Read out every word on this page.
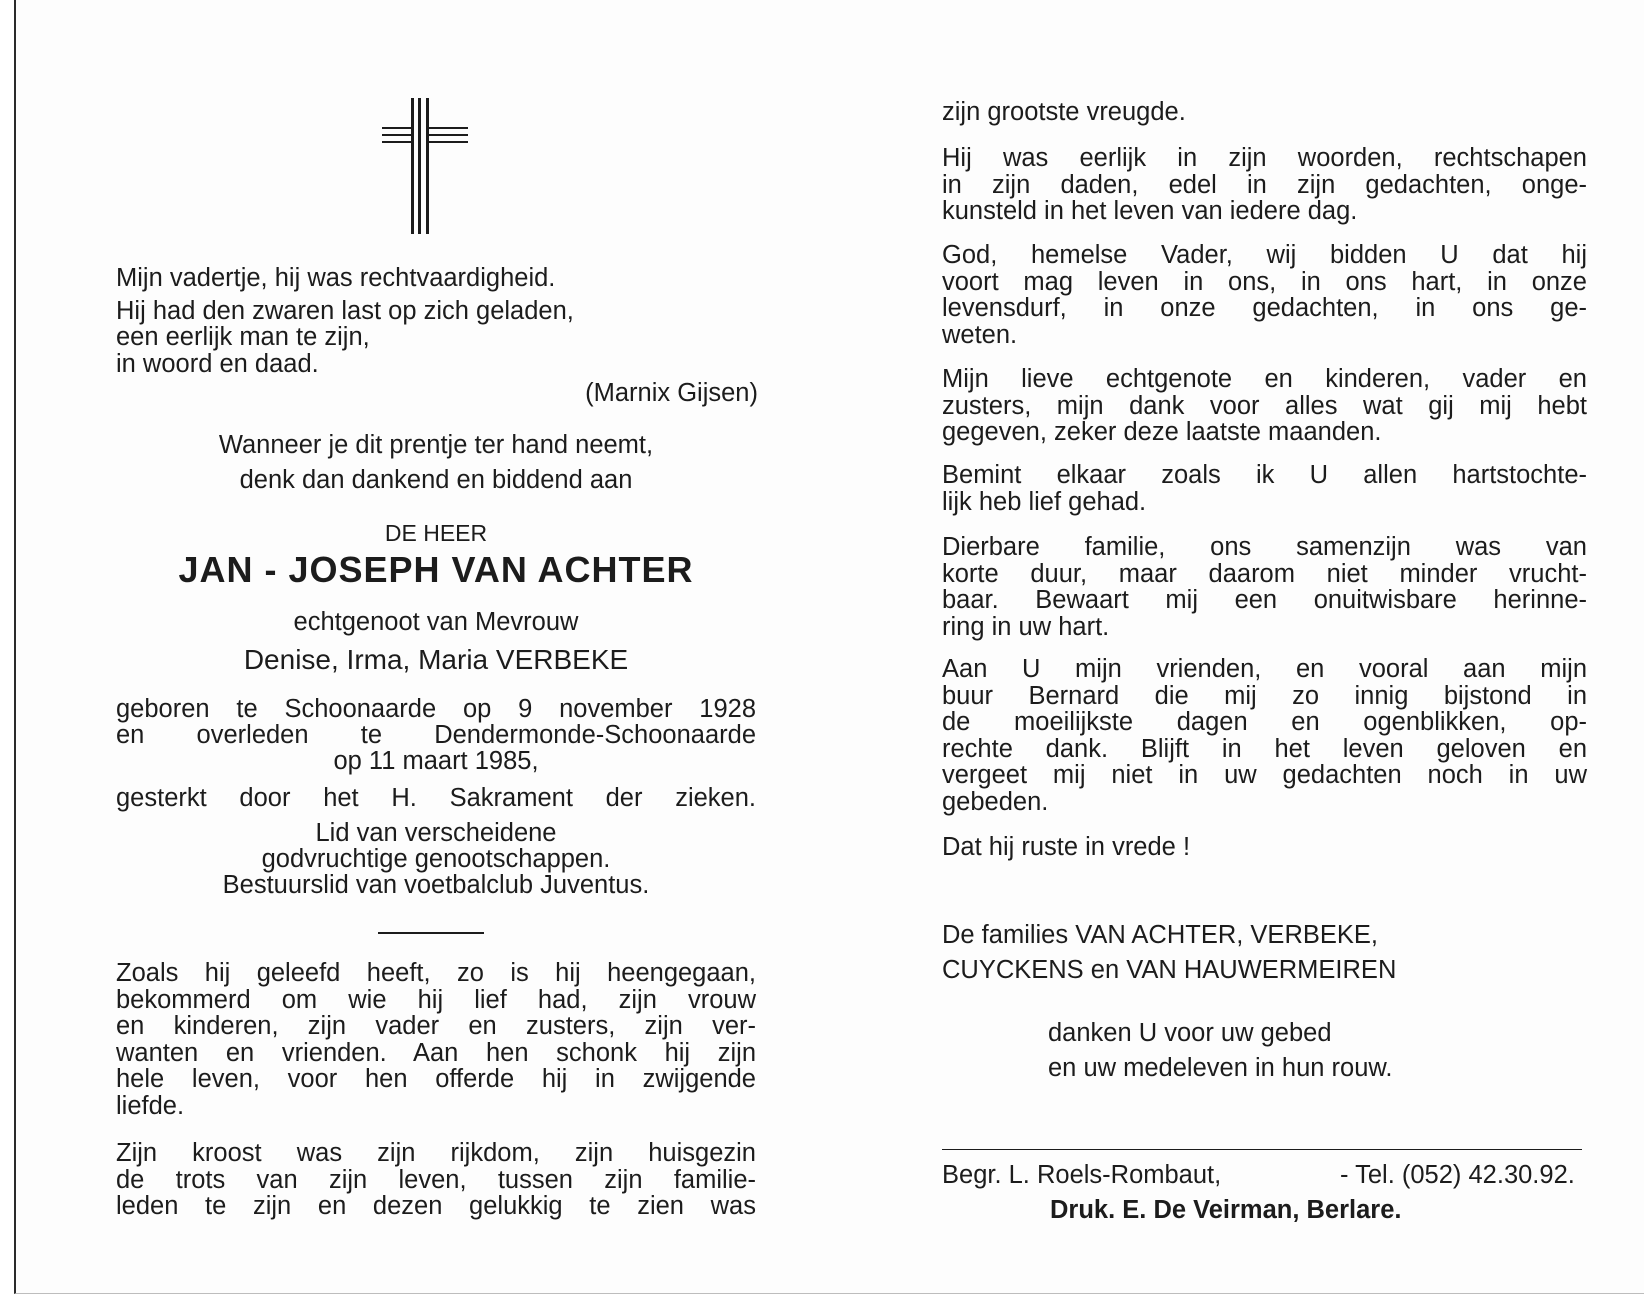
Mijn vadertje, hij was rechtvaardigheid.

Hij had den zwaren last op zich geladen,

een eerlijk man te zijn,

in woord en daad.

(Marnix Gijsen)
Wanneer je dit prentje ter hand neemt,
denk dan dankend en biddend aan
DE HEER
JAN - JOSEPH VAN ACHTER
echtgenoot van Mevrouw
Denise, Irma, Maria VERBEKE
geboren te Schoonaarde op 9 november 1928
en overleden te Dendermonde-Schoonaarde
op 11 maart 1985,
gesterkt door het H. Sakrament der zieken.
Lid van verscheidene
godvruchtige genootschappen.
Bestuurslid van voetbalclub Juventus.

Zoals hij geleefd heeft, zo is hij heengegaan,

bekommerd om wie hij lief had, zijn vrouw

en kinderen, zijn vader en zusters, zijn ver-

wanten en vrienden. Aan hen schonk hij zijn

hele leven, voor hen offerde hij in zwijgende

liefde.

Zijn kroost was zijn rijkdom, zijn huisgezin

de trots van zijn leven, tussen zijn familie-

leden te zijn en dezen gelukkig te zien was

zijn grootste vreugde.

Hij was eerlijk in zijn woorden, rechtschapen

in zijn daden, edel in zijn gedachten, onge-

kunsteld in het leven van iedere dag.

God, hemelse Vader, wij bidden U dat hij

voort mag leven in ons, in ons hart, in onze

levensdurf, in onze gedachten, in ons ge-

weten.

Mijn lieve echtgenote en kinderen, vader en

zusters, mijn dank voor alles wat gij mij hebt

gegeven, zeker deze laatste maanden.

Bemint elkaar zoals ik U allen hartstochte-

lijk heb lief gehad.

Dierbare familie, ons samenzijn was van

korte duur, maar daarom niet minder vrucht-

baar. Bewaart mij een onuitwisbare herinne-

ring in uw hart.

Aan U mijn vrienden, en vooral aan mijn

buur Bernard die mij zo innig bijstond in

de moeilijkste dagen en ogenblikken, op-

rechte dank. Blijft in het leven geloven en

vergeet mij niet in uw gedachten noch in uw

gebeden.

Dat hij ruste in vrede !

De families VAN ACHTER, VERBEKE,

CUYCKENS en VAN HAUWERMEIREN

danken U voor uw gebed

en uw medeleven in hun rouw.

Begr. L. Roels-Rombaut,	- Tel. (052) 42.30.92.
Druk. E. De Veirman, Berlare.
